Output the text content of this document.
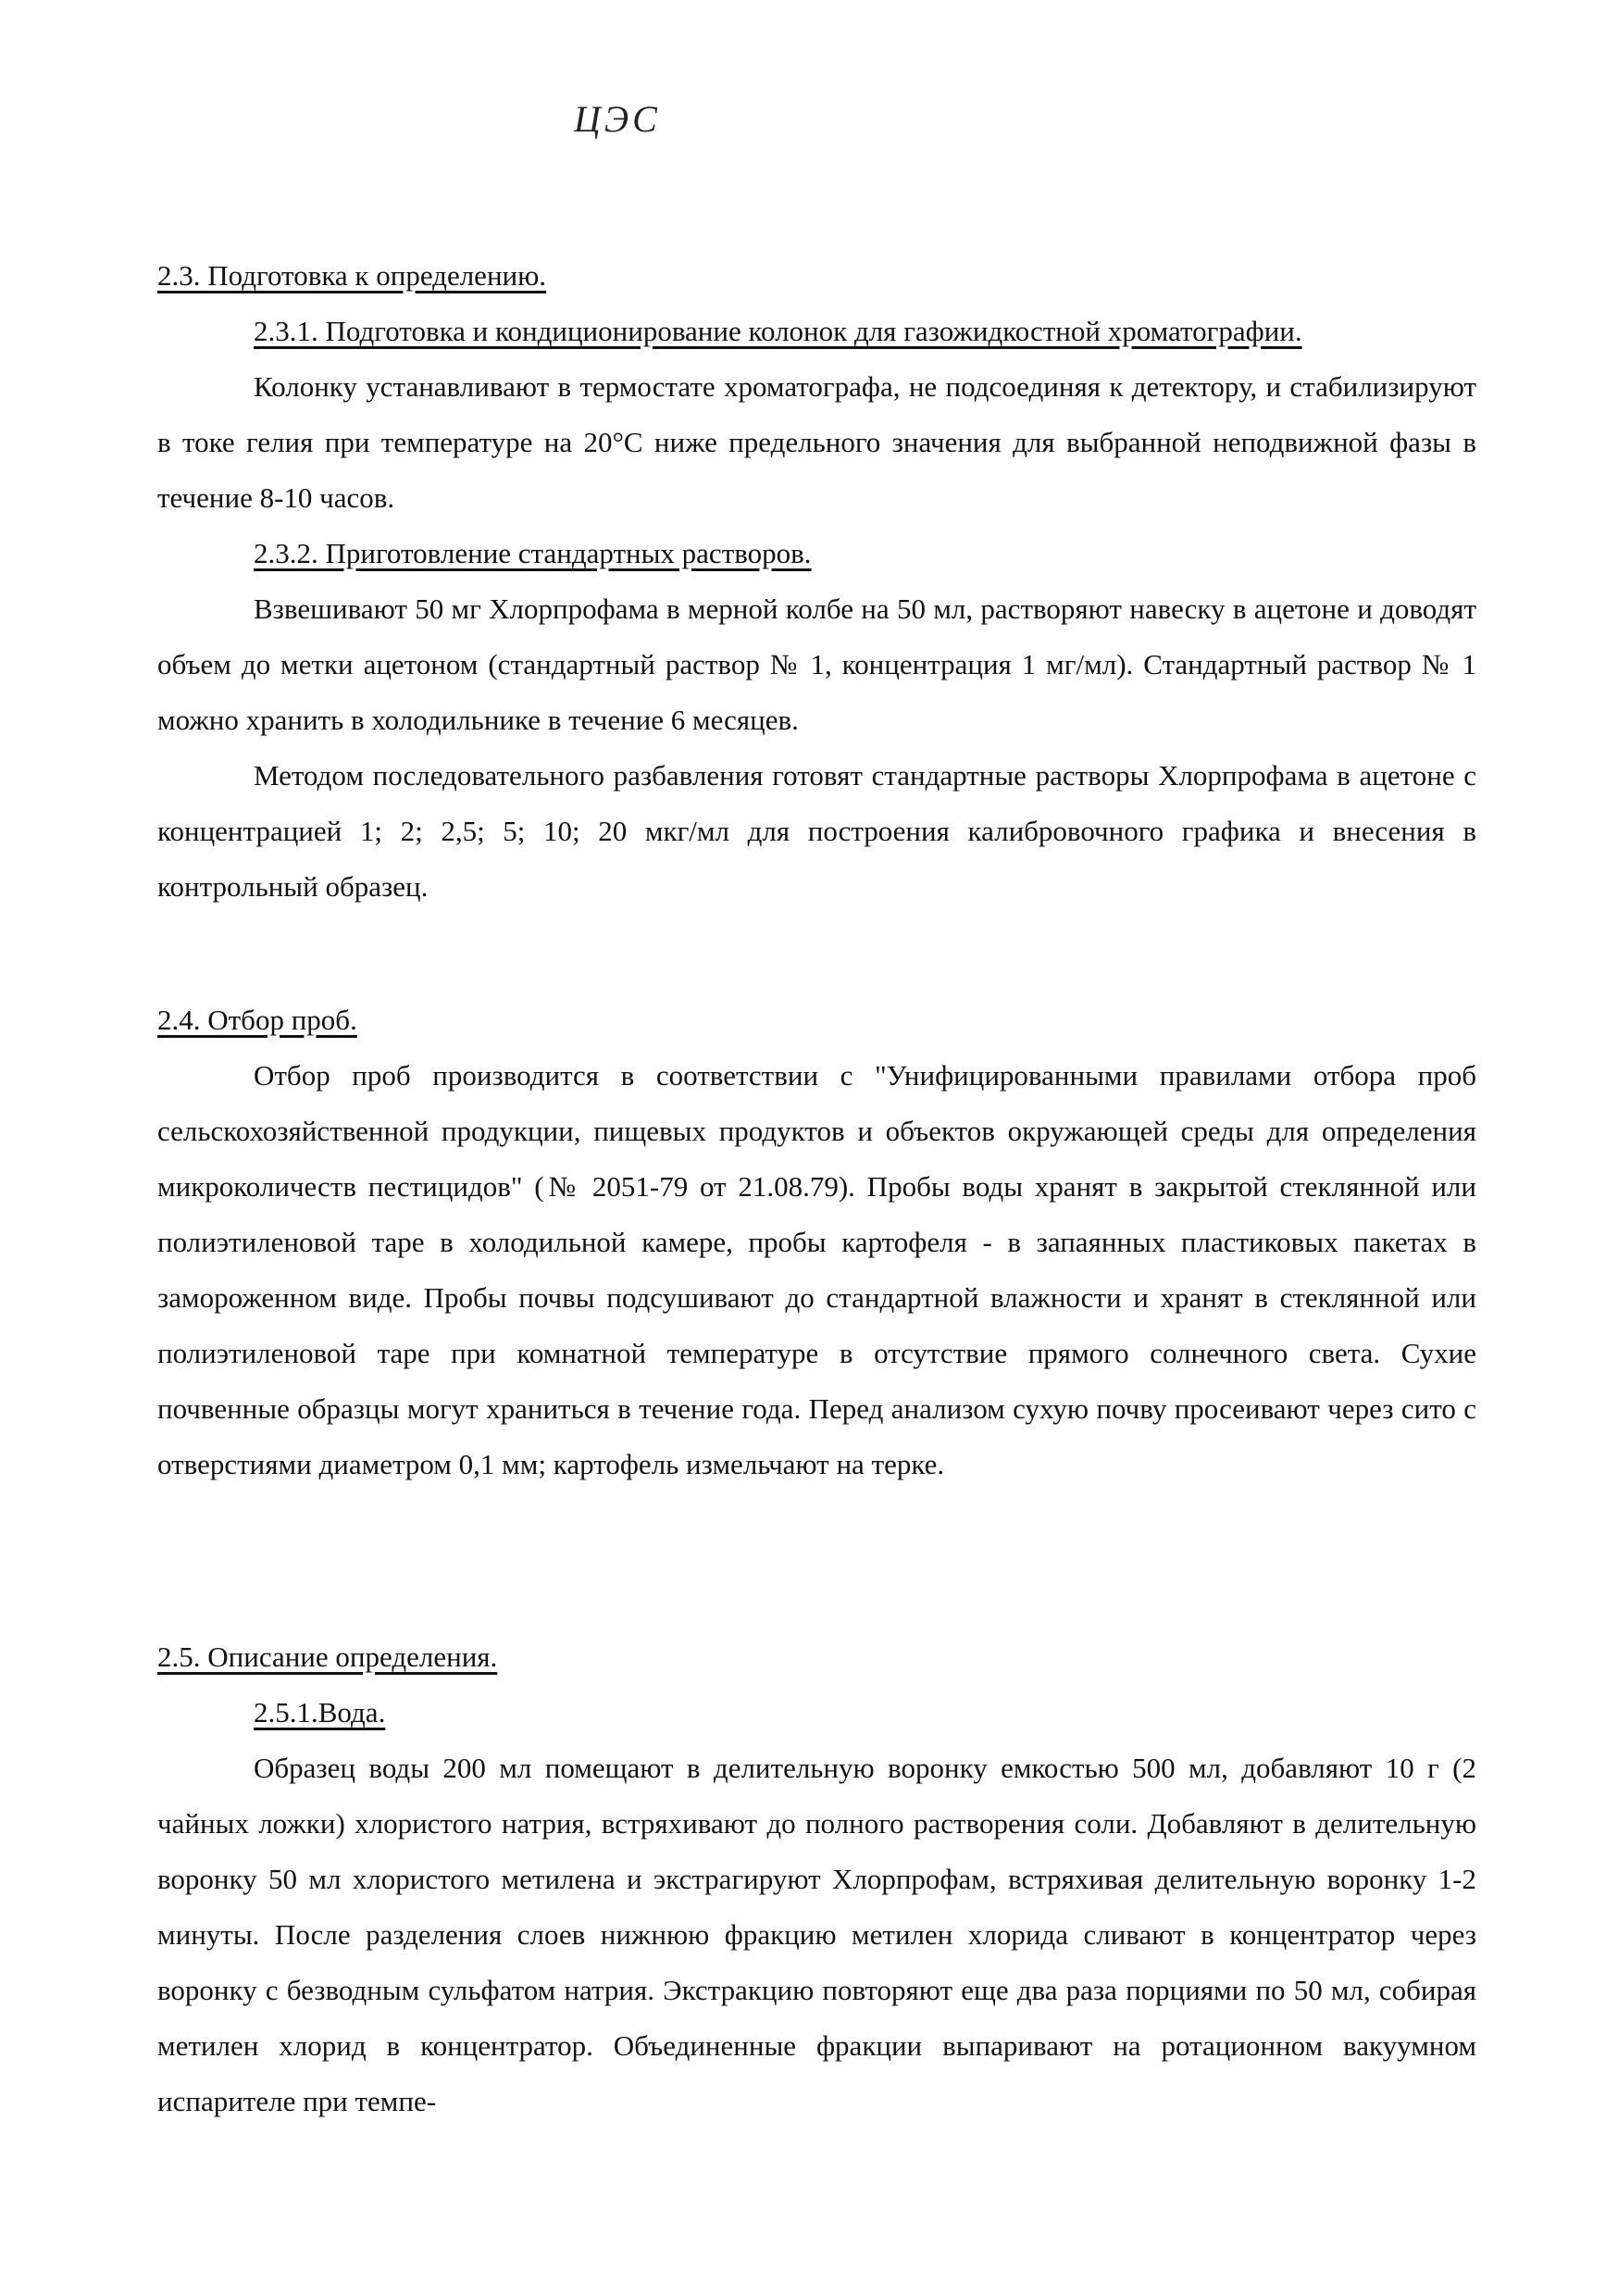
ЦЭС
2.3. Подготовка к определению.
2.3.1. Подготовка и кондиционирование колонок для газожидкостной хроматографии.

Колонку устанавливают в термостате хроматографа, не подсоединяя к детектору, и стабилизируют в токе гелия при температуре на 20°С ниже предельного значения для выбранной неподвижной фазы в течение 8-10 часов.

2.3.2. Приготовление стандартных растворов.

Взвешивают 50 мг Хлорпрофама в мерной колбе на 50 мл, растворяют навеску в ацетоне и доводят объем до метки ацетоном (стандартный раствор № 1, концентрация 1 мг/мл). Стандартный раствор № 1 можно хранить в холодильнике в течение 6 месяцев.

Методом последовательного разбавления готовят стандартные растворы Хлорпрофама в ацетоне с концентрацией 1; 2; 2,5; 5; 10; 20 мкг/мл для построения калибровочного графика и внесения в контрольный образец.

2.4. Отбор проб.

Отбор проб производится в соответствии с "Унифицированными правилами отбора проб сельскохозяйственной продукции, пищевых продуктов и объектов окружающей среды для определения микроколичеств пестицидов" (№ 2051-79 от 21.08.79). Пробы воды хранят в закрытой стеклянной или полиэтиленовой таре в холодильной камере, пробы картофеля - в запаянных пластиковых пакетах в замороженном виде. Пробы почвы подсушивают до стандартной влажности и хранят в стеклянной или полиэтиленовой таре при комнатной температуре в отсутствие прямого солнечного света. Сухие почвенные образцы могут храниться в течение года. Перед анализом сухую почву просеивают через сито с отверстиями диаметром 0,1 мм; картофель измельчают на терке.

2.5. Описание определения.
2.5.1.Вода.

Образец воды 200 мл помещают в делительную воронку емкостью 500 мл, добавляют 10 г (2 чайных ложки) хлористого натрия, встряхивают до полного растворения соли. Добавляют в делительную воронку 50 мл хлористого метилена и экстрагируют Хлорпрофам, встряхивая делительную воронку 1-2 минуты. После разделения слоев нижнюю фракцию метилен хлорида сливают в концентратор через воронку с безводным сульфатом натрия. Экстракцию повторяют еще два раза порциями по 50 мл, собирая метилен хлорид в концентратор. Объединенные фракции выпаривают на ротационном вакуумном испарителе при темпе-
